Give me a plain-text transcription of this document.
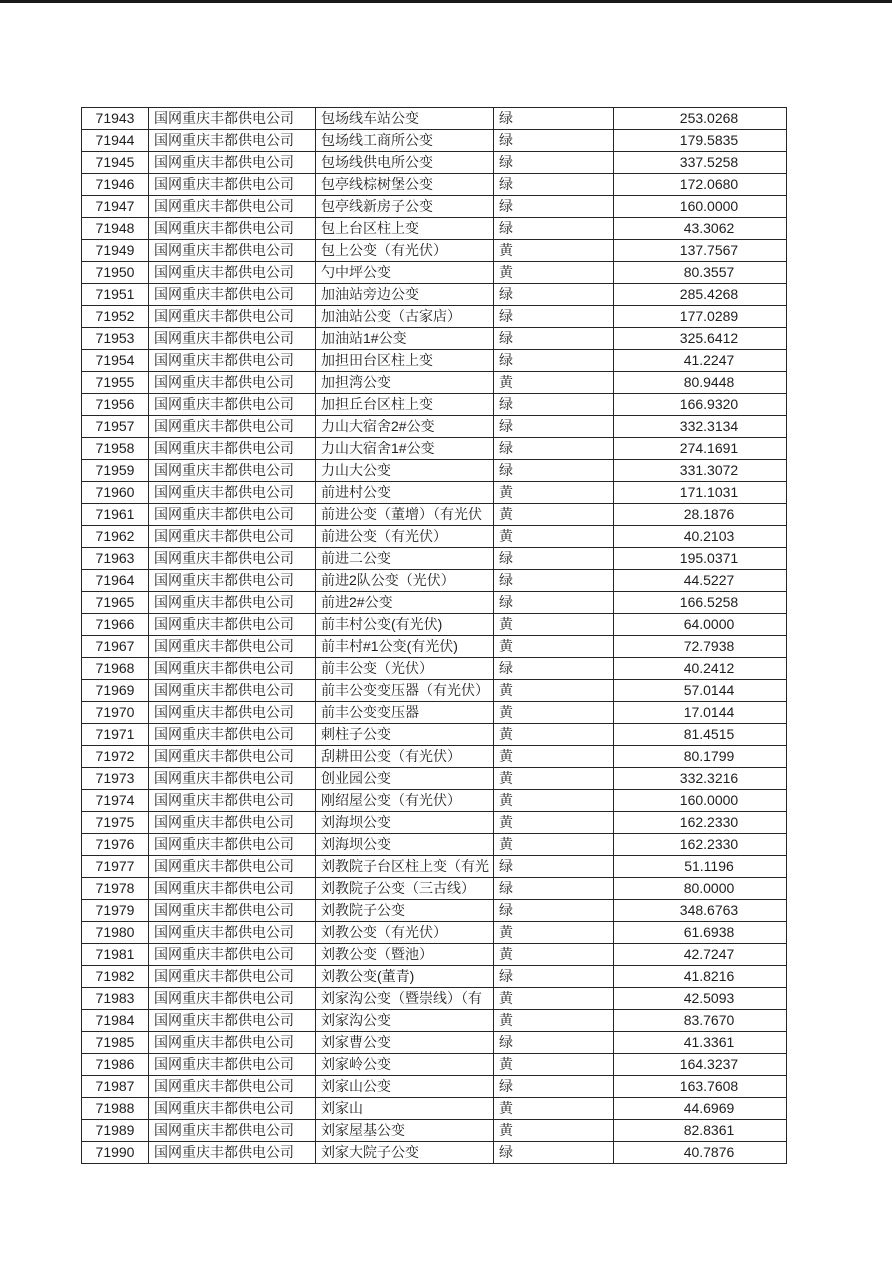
71943	国网重庆丰都供电公司	包场线车站公变	绿	253.0268
71944	国网重庆丰都供电公司	包场线工商所公变	绿	179.5835
71945	国网重庆丰都供电公司	包场线供电所公变	绿	337.5258
71946	国网重庆丰都供电公司	包亭线棕树堡公变	绿	172.0680
71947	国网重庆丰都供电公司	包亭线新房子公变	绿	160.0000
71948	国网重庆丰都供电公司	包上台区柱上变	绿	43.3062
71949	国网重庆丰都供电公司	包上公变（有光伏）	黄	137.7567
71950	国网重庆丰都供电公司	勺中坪公变	黄	80.3557
71951	国网重庆丰都供电公司	加油站旁边公变	绿	285.4268
71952	国网重庆丰都供电公司	加油站公变（古家店）	绿	177.0289
71953	国网重庆丰都供电公司	加油站1#公变	绿	325.6412
71954	国网重庆丰都供电公司	加担田台区柱上变	绿	41.2247
71955	国网重庆丰都供电公司	加担湾公变	黄	80.9448
71956	国网重庆丰都供电公司	加担丘台区柱上变	绿	166.9320
71957	国网重庆丰都供电公司	力山大宿舍2#公变	绿	332.3134
71958	国网重庆丰都供电公司	力山大宿舍1#公变	绿	274.1691
71959	国网重庆丰都供电公司	力山大公变	绿	331.3072
71960	国网重庆丰都供电公司	前进村公变	黄	171.1031
71961	国网重庆丰都供电公司	前进公变（董增）（有光伏	黄	28.1876
71962	国网重庆丰都供电公司	前进公变（有光伏）	黄	40.2103
71963	国网重庆丰都供电公司	前进二公变	绿	195.0371
71964	国网重庆丰都供电公司	前进2队公变（光伏）	绿	44.5227
71965	国网重庆丰都供电公司	前进2#公变	绿	166.5258
71966	国网重庆丰都供电公司	前丰村公变(有光伏)	黄	64.0000
71967	国网重庆丰都供电公司	前丰村#1公变(有光伏)	黄	72.7938
71968	国网重庆丰都供电公司	前丰公变（光伏）	绿	40.2412
71969	国网重庆丰都供电公司	前丰公变变压器（有光伏）	黄	57.0144
71970	国网重庆丰都供电公司	前丰公变变压器	黄	17.0144
71971	国网重庆丰都供电公司	刺柱子公变	黄	81.4515
71972	国网重庆丰都供电公司	刮耕田公变（有光伏）	黄	80.1799
71973	国网重庆丰都供电公司	创业园公变	黄	332.3216
71974	国网重庆丰都供电公司	刚绍屋公变（有光伏）	黄	160.0000
71975	国网重庆丰都供电公司	刘海坝公变	黄	162.2330
71976	国网重庆丰都供电公司	刘海坝公变	黄	162.2330
71977	国网重庆丰都供电公司	刘教院子台区柱上变（有光	绿	51.1196
71978	国网重庆丰都供电公司	刘教院子公变（三古线）	绿	80.0000
71979	国网重庆丰都供电公司	刘教院子公变	绿	348.6763
71980	国网重庆丰都供电公司	刘教公变（有光伏）	黄	61.6938
71981	国网重庆丰都供电公司	刘教公变（暨池）	黄	42.7247
71982	国网重庆丰都供电公司	刘教公变(董青)	绿	41.8216
71983	国网重庆丰都供电公司	刘家沟公变（暨崇线）（有	黄	42.5093
71984	国网重庆丰都供电公司	刘家沟公变	黄	83.7670
71985	国网重庆丰都供电公司	刘家曹公变	绿	41.3361
71986	国网重庆丰都供电公司	刘家岭公变	黄	164.3237
71987	国网重庆丰都供电公司	刘家山公变	绿	163.7608
71988	国网重庆丰都供电公司	刘家山	黄	44.6969
71989	国网重庆丰都供电公司	刘家屋基公变	黄	82.8361
71990	国网重庆丰都供电公司	刘家大院子公变	绿	40.7876
